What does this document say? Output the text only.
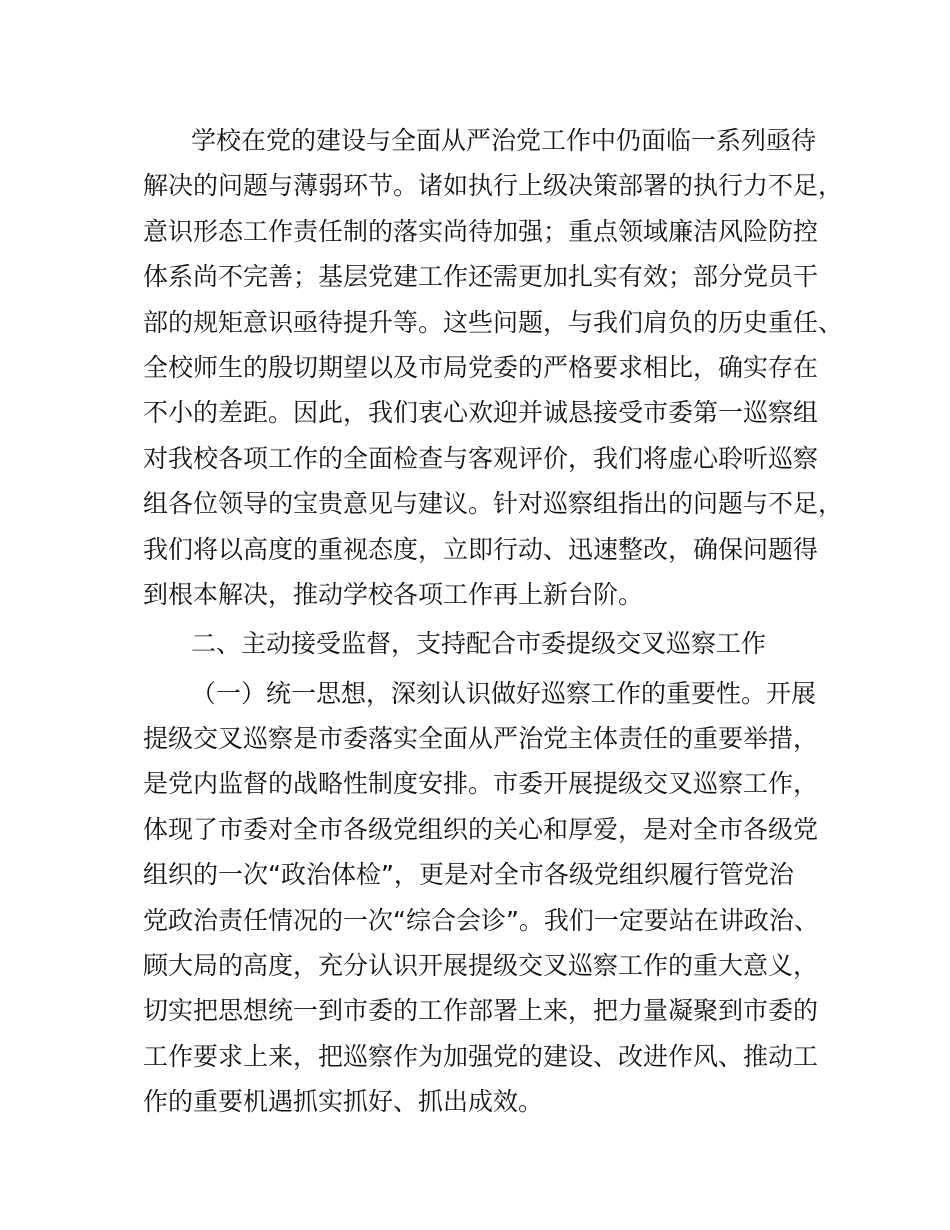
学校在党的建设与全面从严治党工作中仍面临一系列亟待
解决的问题与薄弱环节。诸如执行上级决策部署的执行力不足，
意识形态工作责任制的落实尚待加强；重点领域廉洁风险防控
体系尚不完善；基层党建工作还需更加扎实有效；部分党员干
部的规矩意识亟待提升等。这些问题，与我们肩负的历史重任、
全校师生的殷切期望以及市局党委的严格要求相比，确实存在
不小的差距。因此，我们衷心欢迎并诚恳接受市委第一巡察组
对我校各项工作的全面检查与客观评价，我们将虚心聆听巡察
组各位领导的宝贵意见与建议。针对巡察组指出的问题与不足，
我们将以高度的重视态度，立即行动、迅速整改，确保问题得
到根本解决，推动学校各项工作再上新台阶。
二、主动接受监督，支持配合市委提级交叉巡察工作
（一）统一思想，深刻认识做好巡察工作的重要性。开展
提级交叉巡察是市委落实全面从严治党主体责任的重要举措，
是党内监督的战略性制度安排。市委开展提级交叉巡察工作，
体现了市委对全市各级党组织的关心和厚爱，是对全市各级党
组织的一次“政治体检”，更是对全市各级党组织履行管党治
党政治责任情况的一次“综合会诊”。我们一定要站在讲政治、
顾大局的高度，充分认识开展提级交叉巡察工作的重大意义，
切实把思想统一到市委的工作部署上来，把力量凝聚到市委的
工作要求上来，把巡察作为加强党的建设、改进作风、推动工
作的重要机遇抓实抓好、抓出成效。
